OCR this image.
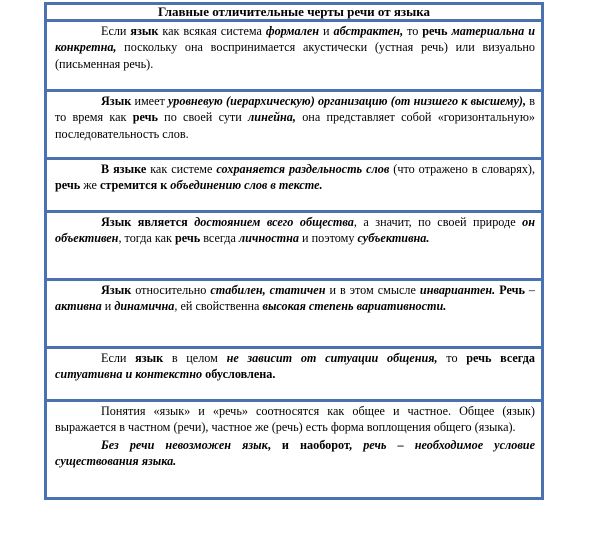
Главные отличительные черты речи от языка
Если язык как всякая система формален и абстрактен, то речь материальна и конкретна, поскольку она воспринимается акустически (устная речь) или визуально (письменная речь).
Язык имеет уровневую (иерархическую) организацию (от низшего к высшему), в то время как речь по своей сути линейна, она представляет собой «горизонтальную» последовательность слов.
В языке как системе сохраняется раздельность слов (что отражено в словарях), речь же стремится к объединению слов в тексте.
Язык является достоянием всего общества, а значит, по своей природе он объективен, тогда как речь всегда личностна и поэтому субъективна.
Язык относительно стабилен, статичен и в этом смысле инвариантен. Речь – активна и динамична, ей свойственна высокая степень вариативности.
Если язык в целом не зависит от ситуации общения, то речь всегда ситуативна и контекстно обусловлена.
Понятия «язык» и «речь» соотносятся как общее и частное. Общее (язык) выражается в частном (речи), частное же (речь) есть форма воплощения общего (языка).
Без речи невозможен язык, и наоборот, речь – необходимое условие существования языка.
